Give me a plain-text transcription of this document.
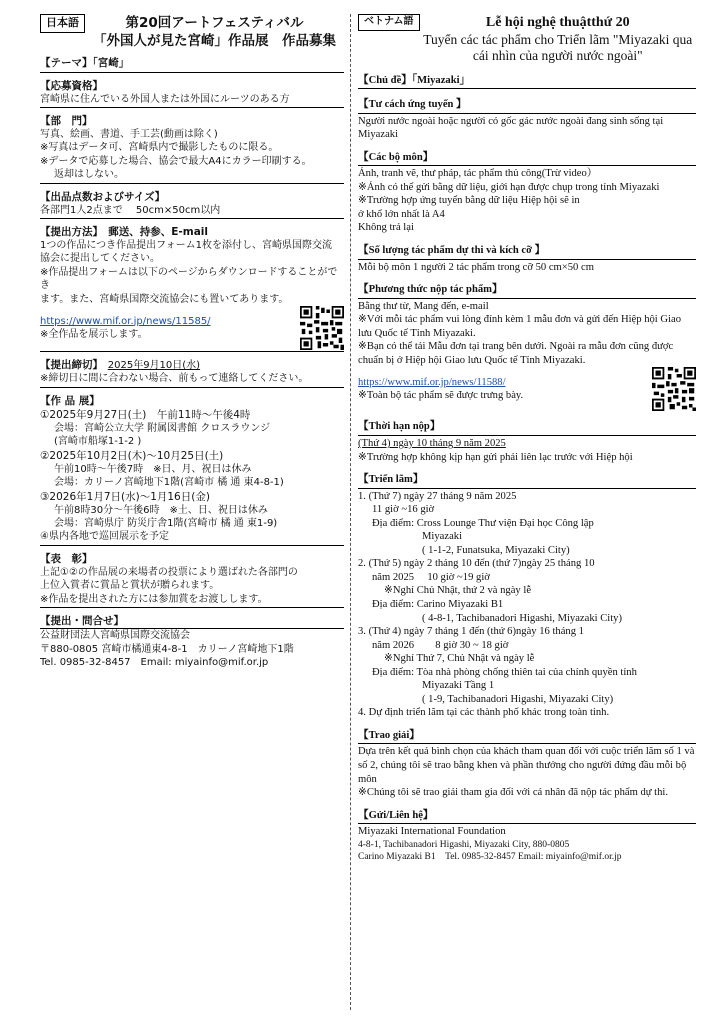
日本語	第20回アートフェスティバル
「外国人が見た宮崎」作品展　作品募集

【テーマ】「宮崎」

【応募資格】

宮崎県に住んでいる外国人または外国にルーツのある方

【部　門】

写真、絵画、書道、手工芸(動画は除く)

※写真はデータ可、宮崎県内で撮影したものに限る。

※データで応募した場合、協会で最大A4にカラー印刷する。

返却はしない。

【出品点数およびサイズ】

各部門1人2点まで　 50cm×50cm以内

【提出方法】　郵送、持参、E-mail

1つの作品につき作品提出フォーム1枚を添付し、宮崎県国際交流

協会に提出してください。

※作品提出フォームは以下のページからダウンロードすることができ

ます。また、宮崎県国際交流協会にも置いてあります。

https://www.mif.or.jp/news/11585/

※全作品を展示します。

【提出締切】　 2025年9月10日(水)

※締切日に間に合わない場合、前もって連絡してください。

【作 品 展】

①2025年9月27日(土)　午前11時～午後4時

会場：宮崎公立大学 附属図書館 クロスラウンジ

(宮崎市船塚1-1-2 )

②2025年10月2日(木)～10月25日(土)

午前10時～午後7時　※日、月、祝日は休み

会場：カリーノ宮崎地下1階(宮崎市 橘 通 東4-8-1)

③2026年1月7日(水)～1月16日(金)

午前8時30分～午後6時　※土、日、祝日は休み

会場：宮崎県庁 防災庁舎1階(宮崎市 橘 通 東1-9)

④県内各地で巡回展示を予定

【表　彰】

上記①②の作品展の来場者の投票により選ばれた各部門の

上位入賞者に賞品と賞状が贈られます。

※作品を提出された方には参加賞をお渡しします。

【提出・問合せ】

公益財団法人宮崎県国際交流協会

〒880-0805 宮崎市橘通東4-8-1　カリーノ宮崎地下1階

Tel. 0985-32-8457　Email: miyainfo@mif.or.jp

ベトナム語	Lễ hội nghệ thuậtthứ 20
Tuyển các tác phẩm cho Triển lãm "Miyazaki qua cái nhìn của người nước ngoài"

【Chủ đề】「Miyazaki」

【Tư cách ứng tuyển 】

Người nước ngoài hoặc người có gốc gác nước ngoài đang sinh sống tại Miyazaki

【Các bộ môn】

Ảnh, tranh vẽ, thư pháp, tác phẩm thủ công(Trừ video）

※Ảnh có thể gửi bằng dữ liệu, giới hạn được chụp trong tỉnh Miyazaki

※Trường hợp ứng tuyển bằng dữ liệu Hiệp hội sẽ in

ở khổ lớn nhất là A4

Không trả lại

【Số lượng tác phẩm dự thi và kích cỡ 】

Mỗi bộ môn 1 người 2 tác phẩm trong cỡ 50 cm×50 cm

【Phương thức nộp tác phẩm】

Bằng thư từ, Mang đến, e-mail

※Với mỗi tác phẩm vui lòng đính kèm 1 mẫu đơn và gửi đến Hiệp hội Giao lưu Quốc tế Tỉnh Miyazaki.

※Bạn có thể tải Mẫu đơn tại trang bên dưới. Ngoài ra mẫu đơn cũng được chuẩn bị ở Hiệp hội Giao lưu Quốc tế Tỉnh Miyazaki.

https://www.mif.or.jp/news/11588/

※Toàn bộ tác phẩm sẽ được trưng bày.

【Thời hạn nộp】

(Thứ 4) ngày 10 tháng 9 năm 2025

※Trường hợp không kịp hạn gửi phải liên lạc trước với Hiệp hội

【Triển lãm】

1. (Thứ 7) ngày 27 tháng 9 năm 2025

11 giờ ~16 giờ

Địa điểm: Cross Lounge Thư viện Đại học Công lập

Miyazaki

( 1-1-2, Funatsuka, Miyazaki City)

2. (Thứ 5) ngày 2 tháng 10 đến (thứ 7)ngày 25 tháng 10

năm 2025　 10 giờ ~19 giờ

※Nghỉ Chủ Nhật, thứ 2 và ngày lễ

Địa điểm: Carino Miyazaki B1

( 4-8-1, Tachibanadori Higashi, Miyazaki City)

3. (Thứ 4) ngày 7 tháng 1 đến (thứ 6)ngày 16 tháng 1

năm 2026　　8 giờ 30 ~ 18 giờ

※Nghỉ Thứ 7, Chủ Nhật và ngày lễ

Địa điểm: Tòa nhà phòng chống thiên tai của chính quyền tỉnh

Miyazaki Tầng 1

( 1-9, Tachibanadori Higashi, Miyazaki City)

4. Dự định triển lãm tại các thành phố khác trong toàn tỉnh.

【Trao giải】

Dựa trên kết quả bình chọn của khách tham quan đối với cuộc triển lãm số 1 và số 2, chúng tôi sẽ trao bằng khen và phần thưởng cho người đứng đầu mỗi bộ môn

※Chúng tôi sẽ trao giải tham gia đối với cá nhân đã nộp tác phẩm dự thi.

【Gửi/Liên hệ】

Miyazaki International Foundation

4-8-1, Tachibanadori Higashi, Miyazaki City, 880-0805

Carino Miyazaki B1　Tel. 0985-32-8457 Email: miyainfo@mif.or.jp
